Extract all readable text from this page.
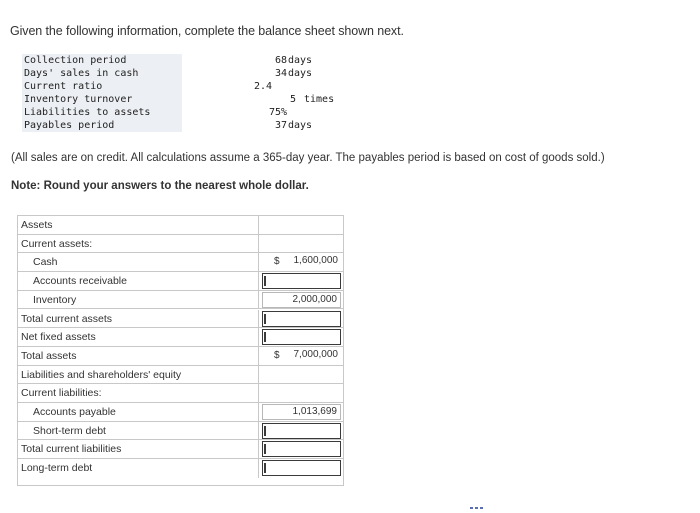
Given the following information, complete the balance sheet shown next.
Collection period	68 days
Days' sales in cash	34 days
Current ratio	2.4
Inventory turnover	5 times
Liabilities to assets	75%
Payables period	37 days
(All sales are on credit. All calculations assume a 365-day year. The payables period is based on cost of goods sold.)
Note: Round your answers to the nearest whole dollar.
Assets
Current assets:
Cash	$	1,600,000
Accounts receivable
Inventory	2,000,000
Total current assets
Net fixed assets
Total assets	$	7,000,000
Liabilities and shareholders' equity
Current liabilities:
Accounts payable	1,013,699
Short-term debt
Total current liabilities
Long-term debt
